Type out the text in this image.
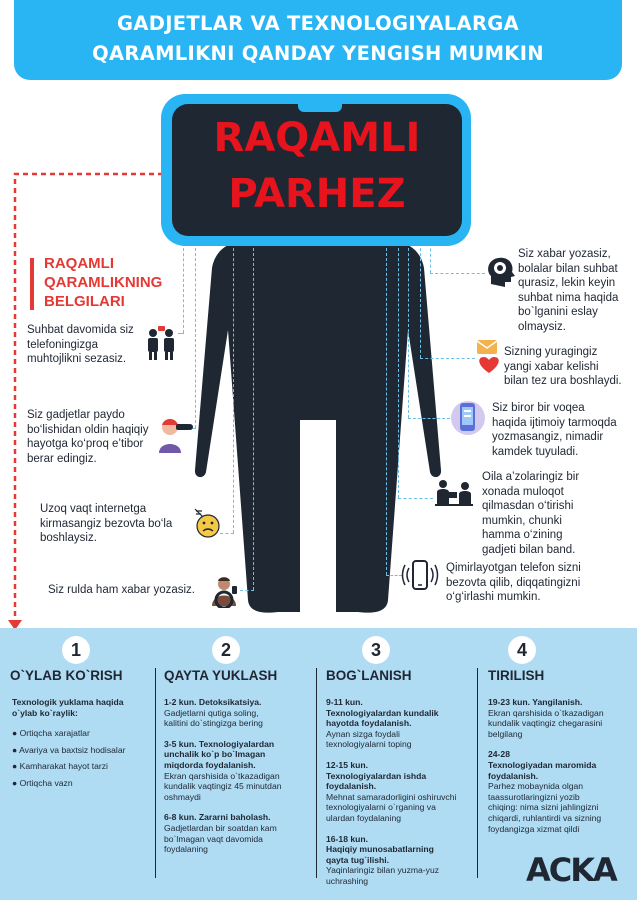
GADJETLAR VA TEXNOLOGIYALARGA
QARAMLIKNI QANDAY YENGISH MUMKIN
RAQAMLI
PARHEZ
RAQAMLI
QARAMLIKNING
BELGILARI
Suhbat davomida siz
telefoningizga
muhtojlikni sezasiz.
Siz gadjetlar paydo
bo‘lishidan oldin haqiqiy
hayotga ko‘proq e’tibor
berar edingiz.
Uzoq vaqt internetga
kirmasangiz bezovta bo‘la
boshlaysiz.
Siz rulda ham xabar yozasiz.
Siz xabar yozasiz,
bolalar bilan suhbat
qurasiz, lekin keyin
suhbat nima haqida
bo`lganini eslay
olmaysiz.
Sizning yuragingiz
yangi xabar kelishi
bilan tez ura boshlaydi.
Siz biror bir voqea
haqida ijtimoiy tarmoqda
yozmasangiz, nimadir
kamdek tuyuladi.
Oila a’zolaringiz bir
xonada muloqot
qilmasdan o‘tirishi
mumkin, chunki
hamma o‘zining
gadjeti bilan band.
Qimirlayotgan telefon sizni
bezovta qilib, diqqatingizni
o‘g‘irlashi mumkin.
1
O`YLAB KO`RISH
Texnologik yuklama haqida
o`ylab ko`raylik:
● Ortiqcha xarajatlar
● Avariya va baxtsiz hodisalar
● Kamharakat hayot tarzi
● Ortiqcha vazn
2
QAYTA YUKLASH
1-2 kun. Detoksikatsiya.
Gadjetlarni qutiga soling,
kalitini do`stingizga bering
3-5 kun. Texnologiyalardan
unchalik ko`p bo`lmagan
miqdorda foydalanish.
Ekran qarshisida o`tkazadigan
kundalik vaqtingiz 45 minutdan
oshmaydi
6-8 kun. Zararni baholash.
Gadjetlardan bir soatdan kam
bo`lmagan vaqt davomida
foydalaning
3
BOG`LANISH
9-11 kun.
Texnologiyalardan kundalik
hayotda foydalanish.
Aynan sizga foydali
texnologiyalarni toping
12-15 kun.
Texnologiyalardan ishda
foydalanish.
Mehnat samaradorligini oshiruvchi
texnologiyalarni o`rganing va
ulardan foydalaning
16-18 kun.
Haqiqiy munosabatlarning
qayta tug`ilishi.
Yaqinlaringiz bilan yuzma-yuz
uchrashing
4
TIRILISH
19-23 kun. Yangilanish.
Ekran qarshisida o`tkazadigan
kundalik vaqtingiz chegarasini
belgilang
24-28
Texnologiyadan maromida
foydalanish.
Parhez mobaynida olgan
taassurotlaringizni yozib
chiqing: nima sizni jahlingizni
chiqardi, ruhlantirdi va sizning
foydangizga xizmat qildi
ACKA
